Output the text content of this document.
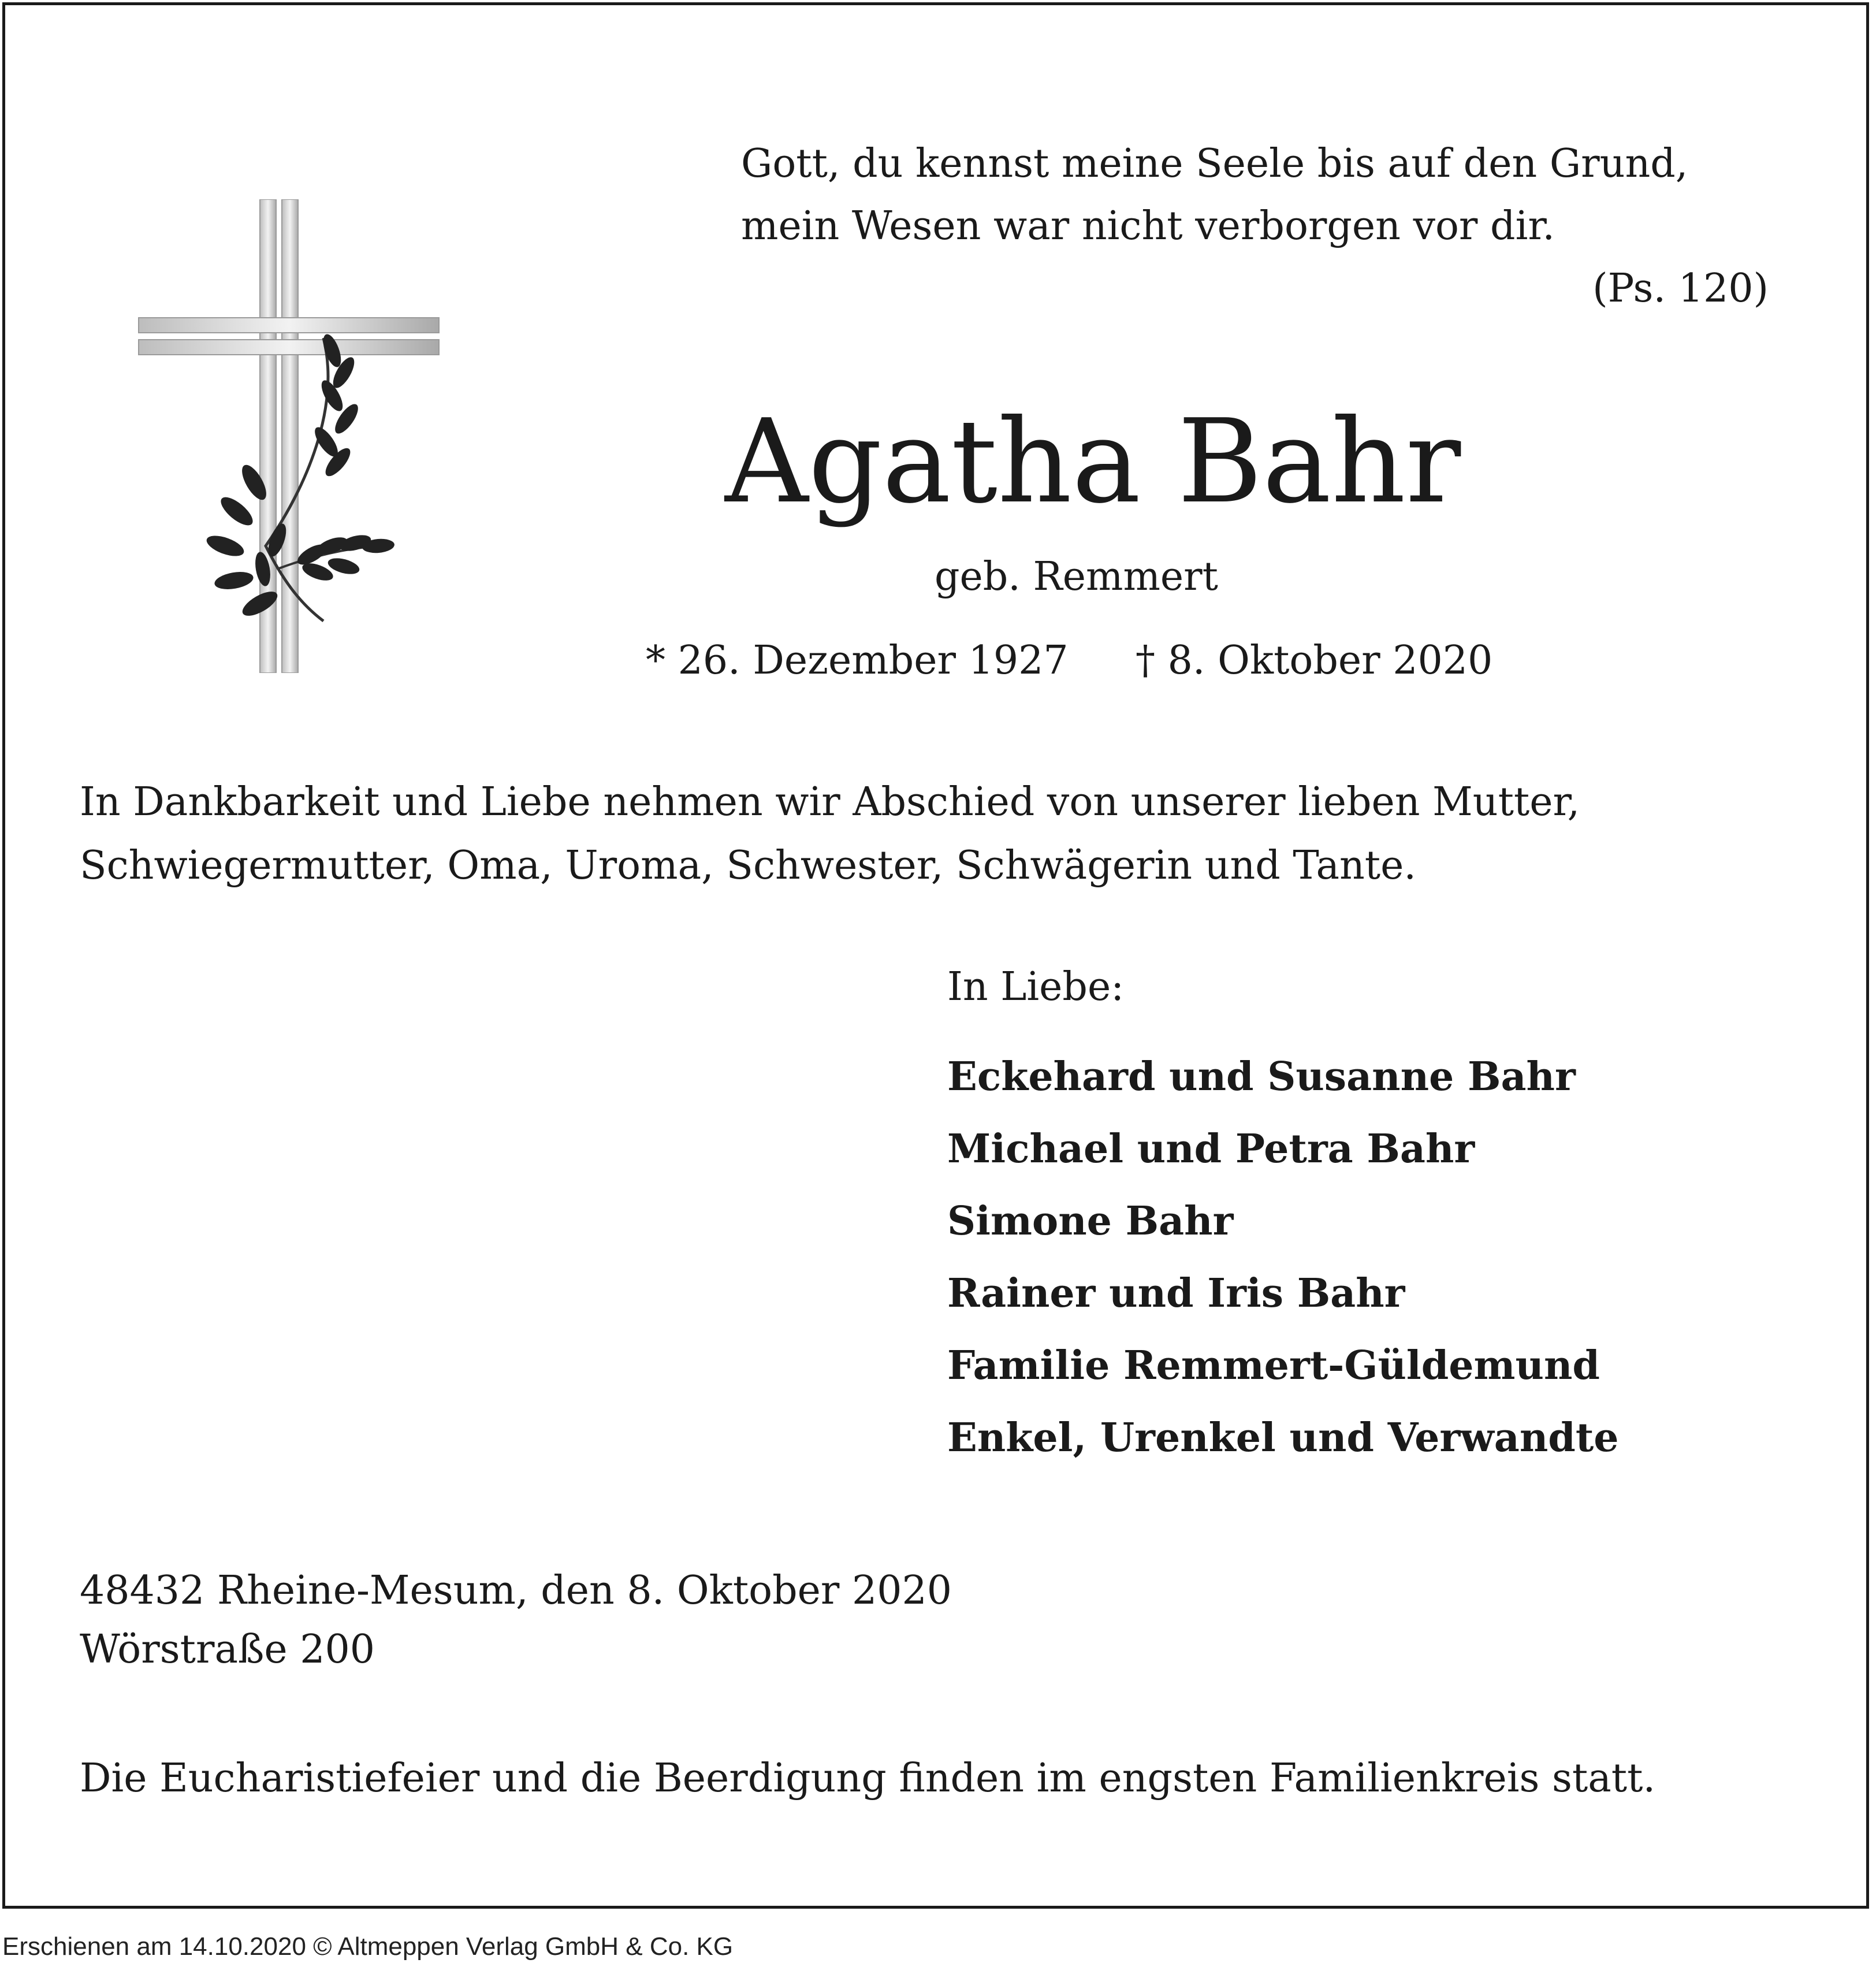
Gott, du kennst meine Seele bis auf den Grund,
mein Wesen war nicht verborgen vor dir.
(Ps. 120)
Agatha Bahr
geb. Remmert
* 26. Dezember 1927 † 8. Oktober 2020
In Dankbarkeit und Liebe nehmen wir Abschied von unserer lieben Mutter,
Schwiegermutter, Oma, Uroma, Schwester, Schwägerin und Tante.
In Liebe:
Eckehard und Susanne Bahr
Michael und Petra Bahr
Simone Bahr
Rainer und Iris Bahr
Familie Remmert-Güldemund
Enkel, Urenkel und Verwandte
48432 Rheine-Mesum, den 8. Oktober 2020
Wörstraße 200
Die Eucharistiefeier und die Beerdigung finden im engsten Familienkreis statt.
Erschienen am 14.10.2020 © Altmeppen Verlag GmbH & Co. KG
